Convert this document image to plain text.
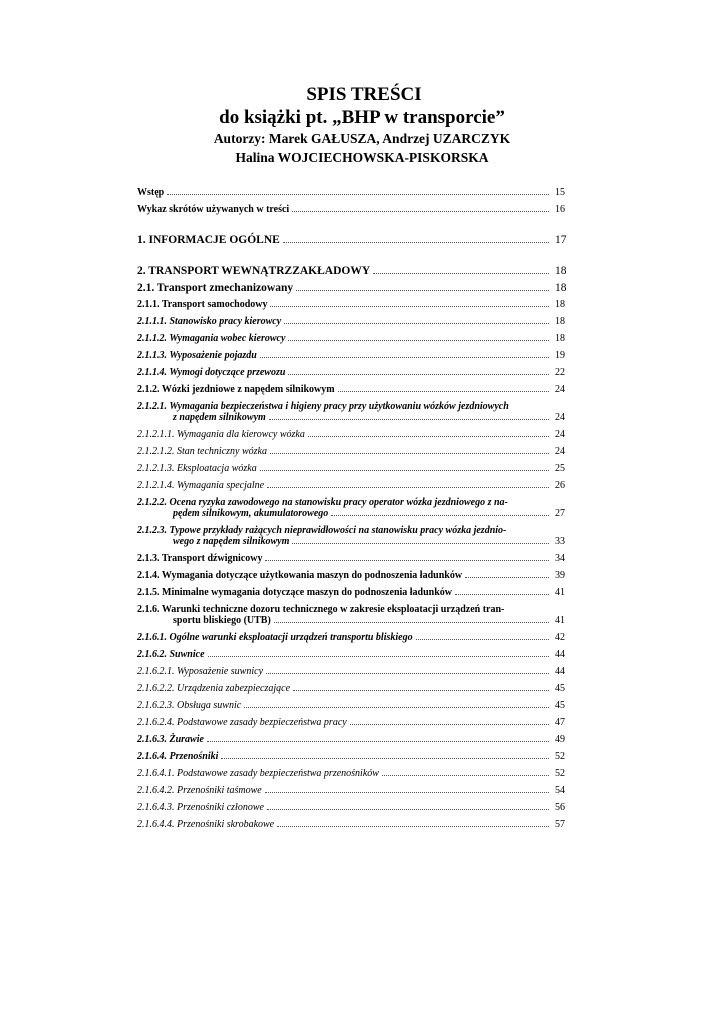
SPIS TREŚCI
do książki pt. „BHP w transporcie”
Autorzy: Marek GAŁUSZA, Andrzej UZARCZYK
Halina WOJCIECHOWSKA-PISKORSKA
Wstęp	15
Wykaz skrótów używanych w treści	16
1. INFORMACJE OGÓLNE	17
2. TRANSPORT WEWNĄTRZZAKŁADOWY	18
2.1. Transport zmechanizowany	18
2.1.1. Transport samochodowy	18
2.1.1.1. Stanowisko pracy kierowcy	18
2.1.1.2. Wymagania wobec kierowcy	18
2.1.1.3. Wyposażenie pojazdu	19
2.1.1.4. Wymogi dotyczące przewozu	22
2.1.2. Wózki jezdniowe z napędem silnikowym	24
2.1.2.1. Wymagania bezpieczeństwa i higieny pracy przy użytkowaniu wózków jezdniowych
z napędem silnikowym	24
2.1.2.1.1. Wymagania dla kierowcy wózka	24
2.1.2.1.2. Stan techniczny wózka	24
2.1.2.1.3. Eksploatacja wózka	25
2.1.2.1.4. Wymagania specjalne	26
2.1.2.2. Ocena ryzyka zawodowego na stanowisku pracy operator wózka jezdniowego z na-
pędem silnikowym, akumulatorowego	27
2.1.2.3. Typowe przykłady rażących nieprawidłowości na stanowisku pracy wózka jezdnio-
wego z napędem silnikowym	33
2.1.3. Transport dźwignicowy	34
2.1.4. Wymagania dotyczące użytkowania maszyn do podnoszenia ładunków	39
2.1.5. Minimalne wymagania dotyczące maszyn do podnoszenia ładunków	41
2.1.6. Warunki techniczne dozoru technicznego w zakresie eksploatacji urządzeń tran-
sportu bliskiego (UTB)	41
2.1.6.1. Ogólne warunki eksploatacji urządzeń transportu bliskiego	42
2.1.6.2. Suwnice	44
2.1.6.2.1. Wyposażenie suwnicy	44
2.1.6.2.2. Urządzenia zabezpieczające	45
2.1.6.2.3. Obsługa suwnic	45
2.1.6.2.4. Podstawowe zasady bezpieczeństwa pracy	47
2.1.6.3. Żurawie	49
2.1.6.4. Przenośniki	52
2.1.6.4.1. Podstawowe zasady bezpieczeństwa przenośników	52
2.1.6.4.2. Przenośniki taśmowe	54
2.1.6.4.3. Przenośniki członowe	56
2.1.6.4.4. Przenośniki skrobakowe	57
